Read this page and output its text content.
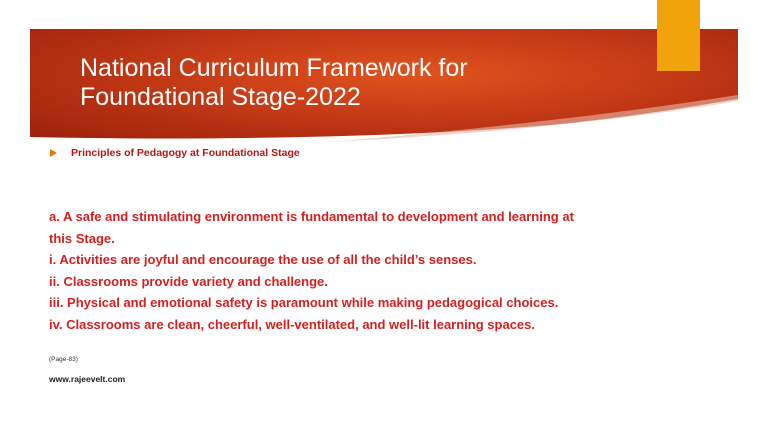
National Curriculum Framework for
Foundational Stage-2022
Principles of Pedagogy at Foundational Stage
a. A safe and stimulating environment is fundamental to development and learning at
this Stage.
i. Activities are joyful and encourage the use of all the child’s senses.
ii. Classrooms provide variety and challenge.
iii. Physical and emotional safety is paramount while making pedagogical choices.
iv. Classrooms are clean, cheerful, well-ventilated, and well-lit learning spaces.
(Page-83)
www.rajeevelt.com
